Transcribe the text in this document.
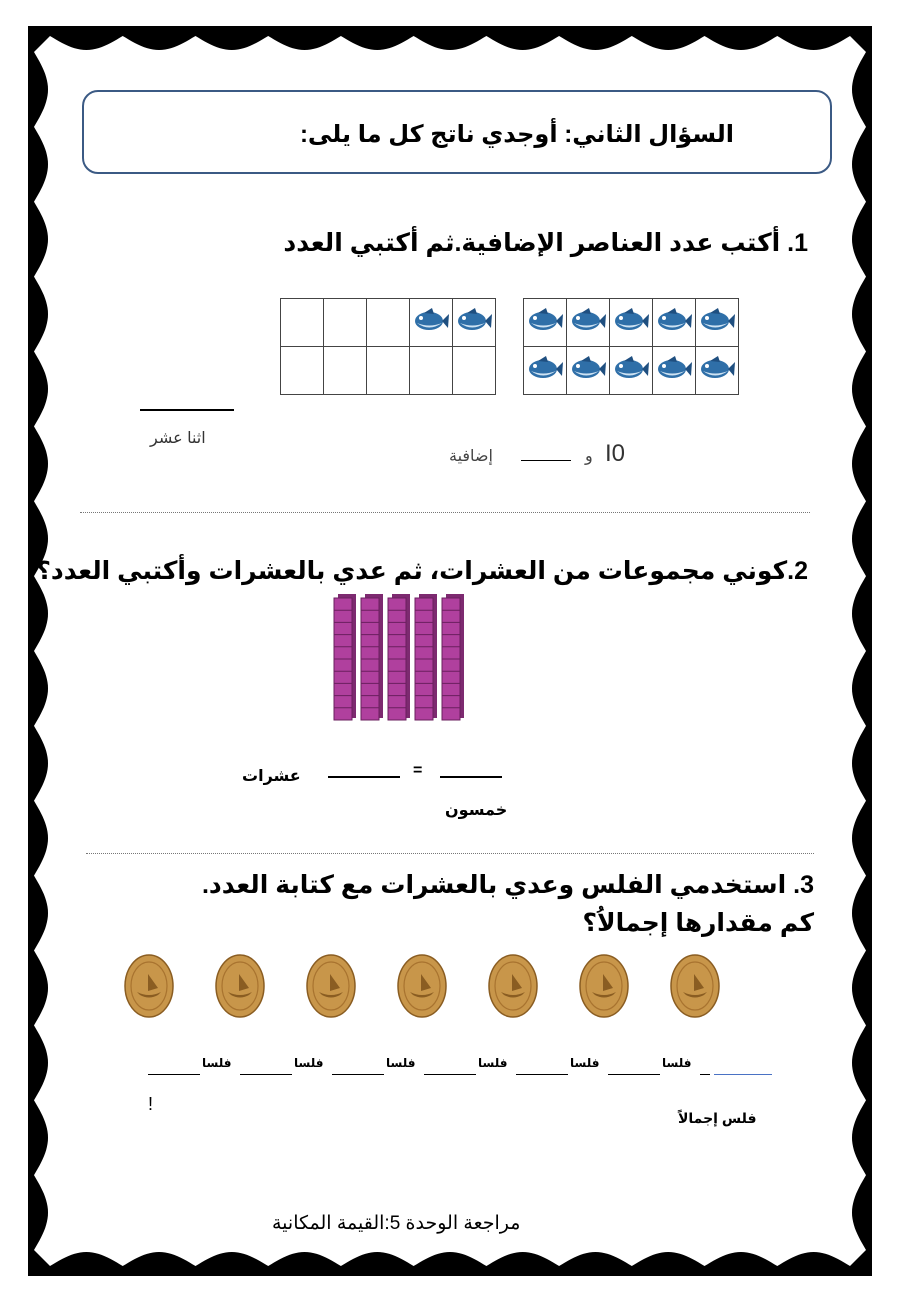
السؤال الثاني: أوجدي ناتج كل ما يلى:
1. أكتب عدد العناصر الإضافية.ثم أكتبي العدد

اثنا عشر
إضافية	و I0
2.كوني مجموعات من العشرات، ثم عدي بالعشرات وأكتبي العدد؟
=
عشرات
خمسون
3. استخدمي الفلس وعدي بالعشرات مع كتابة العدد.
كم مقدارها إجمالاُ؟
فلسا	فلسا	فلسا	فلسا	فلسا	فلسا
!
فلس إجمالاً
مراجعة الوحدة 5:القيمة المكانية
